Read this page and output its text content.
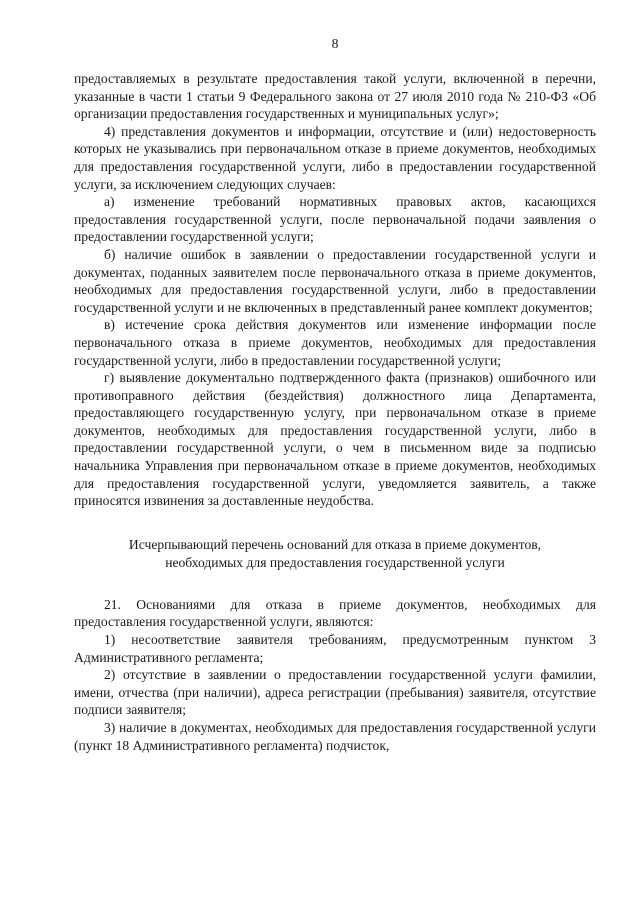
8

предоставляемых в результате предоставления такой услуги, включенной в перечни, указанные в части 1 статьи 9 Федерального закона от 27 июля 2010 года № 210-ФЗ «Об организации предоставления государственных и муниципальных услуг»;

4) представления документов и информации, отсутствие и (или) недостоверность которых не указывались при первоначальном отказе в приеме документов, необходимых для предоставления государственной услуги, либо в предоставлении государственной услуги, за исключением следующих случаев:

а) изменение требований нормативных правовых актов, касающихся предоставления государственной услуги, после первоначальной подачи заявления о предоставлении государственной услуги;

б) наличие ошибок в заявлении о предоставлении государственной услуги и документах, поданных заявителем после первоначального отказа в приеме документов, необходимых для предоставления государственной услуги, либо в предоставлении государственной услуги и не включенных в представленный ранее комплект документов;

в) истечение срока действия документов или изменение информации после первоначального отказа в приеме документов, необходимых для предоставления государственной услуги, либо в предоставлении государственной услуги;

г) выявление документально подтвержденного факта (признаков) ошибочного или противоправного действия (бездействия) должностного лица Департамента, предоставляющего государственную услугу, при первоначальном отказе в приеме документов, необходимых для предоставления государственной услуги, либо в предоставлении государственной услуги, о чем в письменном виде за подписью начальника Управления при первоначальном отказе в приеме документов, необходимых для предоставления государственной услуги, уведомляется заявитель, а также приносятся извинения за доставленные неудобства.

Исчерпывающий перечень оснований для отказа в приеме документов,
необходимых для предоставления государственной услуги

21. Основаниями для отказа в приеме документов, необходимых для предоставления государственной услуги, являются:

1) несоответствие заявителя требованиям, предусмотренным пунктом 3 Административного регламента;

2) отсутствие в заявлении о предоставлении государственной услуги фамилии, имени, отчества (при наличии), адреса регистрации (пребывания) заявителя, отсутствие подписи заявителя;

3) наличие в документах, необходимых для предоставления государственной услуги (пункт 18 Административного регламента) подчисток,
